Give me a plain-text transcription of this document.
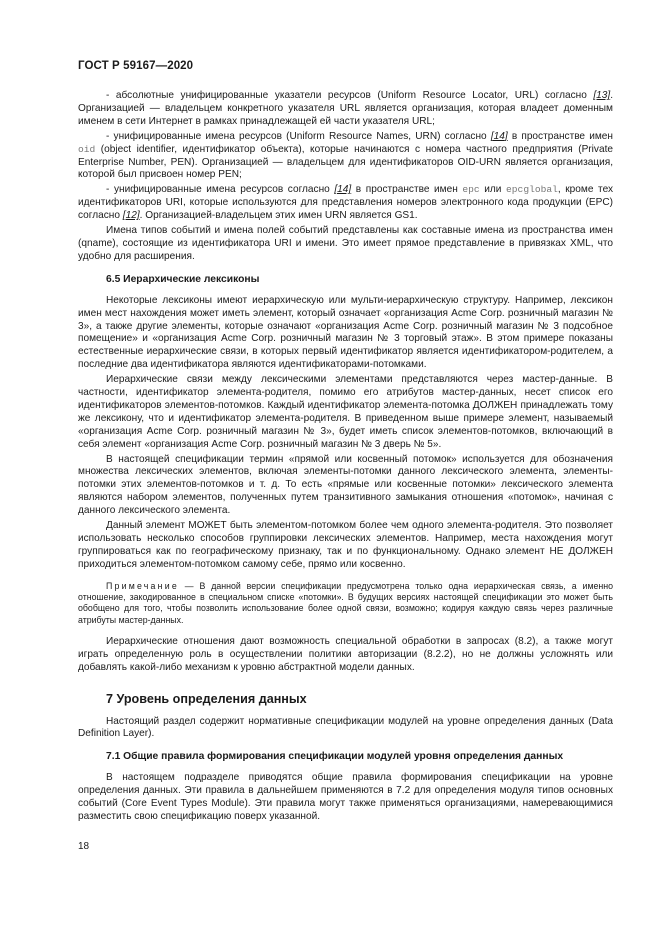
ГОСТ Р 59167—2020

- абсолютные унифицированные указатели ресурсов (Uniform Resource Locator, URL) согласно [13]. Организацией — владельцем конкретного указателя URL является организация, которая владеет доменным именем в сети Интернет в рамках принадлежащей ей части указателя URL;

- унифицированные имена ресурсов (Uniform Resource Names, URN) согласно [14] в пространстве имен oid (object identifier, идентификатор объекта), которые начинаются с номера частного предприятия (Private Enterprise Number, PEN). Организацией — владельцем для идентификаторов OID-URN является организация, которой был присвоен номер PEN;

- унифицированные имена ресурсов согласно [14] в пространстве имен epc или epcglobal, кроме тех идентификаторов URI, которые используются для представления номеров электронного кода продукции (EPC) согласно [12]. Организацией-владельцем этих имен URN является GS1.

Имена типов событий и имена полей событий представлены как составные имена из пространства имен (qname), состоящие из идентификатора URI и имени. Это имеет прямое представление в привязках XML, что удобно для расширения.

6.5 Иерархические лексиконы

Некоторые лексиконы имеют иерархическую или мульти-иерархическую структуру. Например, лексикон имен мест нахождения может иметь элемент, который означает «организация Acme Corp. розничный магазин № 3», а также другие элементы, которые означают «организация Acme Corp. розничный магазин № 3 подсобное помещение» и «организация Acme Corp. розничный магазин № 3 торговый этаж». В этом примере показаны естественные иерархические связи, в которых первый идентификатор является идентификатором-родителем, а последние два идентификатора являются идентификаторами-потомками.

Иерархические связи между лексическими элементами представляются через мастер-данные. В частности, идентификатор элемента-родителя, помимо его атрибутов мастер-данных, несет список его идентификаторов элементов-потомков. Каждый идентификатор элемента-потомка ДОЛЖЕН принадлежать тому же лексикону, что и идентификатор элемента-родителя. В приведенном выше примере элемент, называемый «организация Acme Corp. розничный магазин № 3», будет иметь список элементов-потомков, включающий в себя элемент «организация Acme Corp. розничный магазин № 3 дверь № 5».

В настоящей спецификации термин «прямой или косвенный потомок» используется для обозначения множества лексических элементов, включая элементы-потомки данного лексического элемента, элементы-потомки этих элементов-потомков и т. д. То есть «прямые или косвенные потомки» лексического элемента являются набором элементов, полученных путем транзитивного замыкания отношения «потомок», начиная с данного лексического элемента.

Данный элемент МОЖЕТ быть элементом-потомком более чем одного элемента-родителя. Это позволяет использовать несколько способов группировки лексических элементов. Например, места нахождения могут группироваться как по географическому признаку, так и по функциональному. Однако элемент НЕ ДОЛЖЕН приходиться элементом-потомком самому себе, прямо или косвенно.

Примечание — В данной версии спецификации предусмотрена только одна иерархическая связь, а именно отношение, закодированное в специальном списке «потомки». В будущих версиях настоящей спецификации это может быть обобщено для того, чтобы позволить использование более одной связи, возможно; кодируя каждую связь через различные атрибуты мастер-данных.

Иерархические отношения дают возможность специальной обработки в запросах (8.2), а также могут играть определенную роль в осуществлении политики авторизации (8.2.2), но не должны усложнять или добавлять какой-либо механизм к уровню абстрактной модели данных.

7 Уровень определения данных

Настоящий раздел содержит нормативные спецификации модулей на уровне определения данных (Data Definition Layer).

7.1 Общие правила формирования спецификации модулей уровня определения данных

В настоящем подразделе приводятся общие правила формирования спецификации на уровне определения данных. Эти правила в дальнейшем применяются в 7.2 для определения модуля типов основных событий (Core Event Types Module). Эти правила могут также применяться организациями, намеревающимися разместить свою спецификацию поверх указанной.

18
